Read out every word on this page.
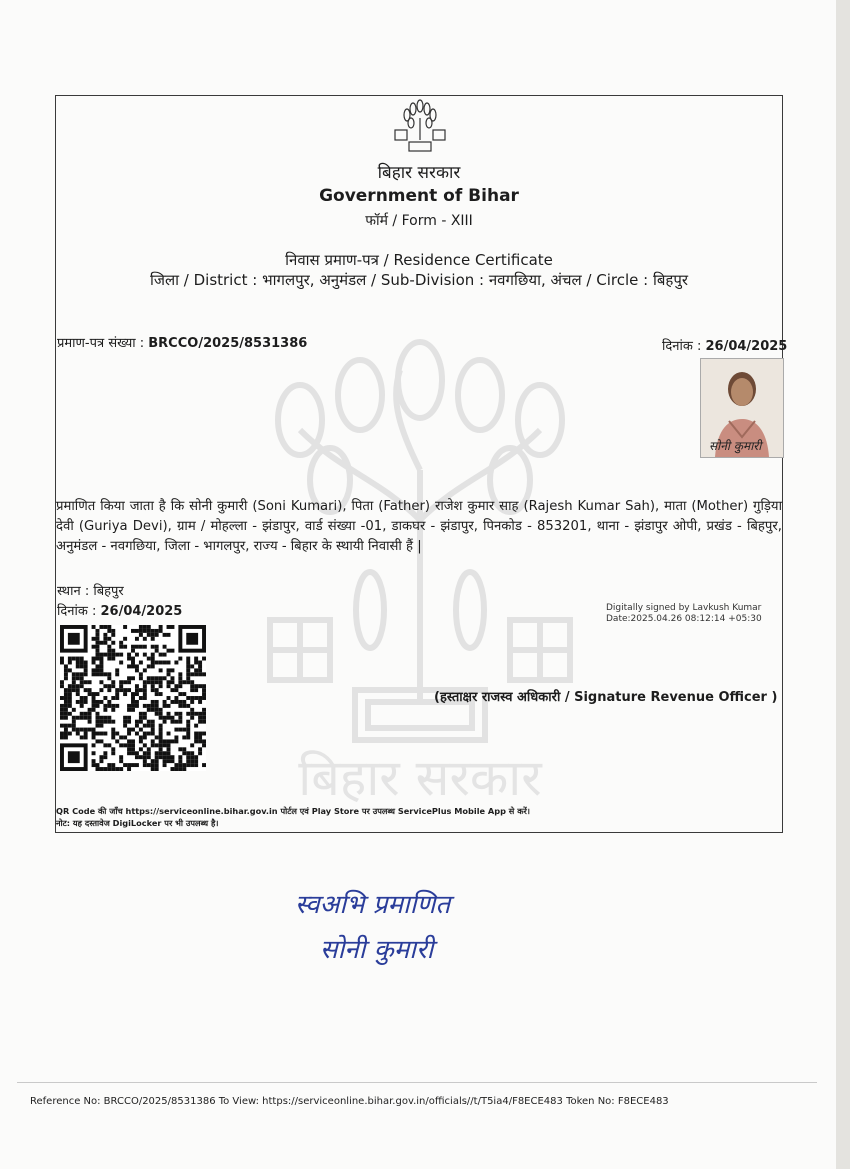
बिहार सरकार
बिहार सरकार
Government of Bihar
फॉर्म / Form - XIII
निवास प्रमाण-पत्र / Residence Certificate
जिला / District : भागलपुर, अनुमंडल / Sub-Division : नवगछिया, अंचल / Circle : बिहपुर
प्रमाण-पत्र संख्या : BRCCO/2025/8531386	दिनांक : 26/04/2025
सोनी कुमारी
प्रमाणित किया जाता है कि सोनी कुमारी (Soni Kumari), पिता (Father) राजेश कुमार साह (Rajesh Kumar Sah), माता (Mother) गुड़िया देवी (Guriya Devi), ग्राम / मोहल्ला - झंडापुर, वार्ड संख्या -01, डाकघर - झंडापुर, पिनकोड - 853201, थाना - झंडापुर ओपी, प्रखंड - बिहपुर, अनुमंडल - नवगछिया, जिला - भागलपुर, राज्य - बिहार के स्थायी निवासी हैं |
स्थान : बिहपुर
दिनांक : 26/04/2025	Digitally signed by Lavkush Kumar
Date:2025.04.26 08:12:14 +05:30
(हस्ताक्षर राजस्व अधिकारी / Signature Revenue Officer )
QR Code की जाँच https://serviceonline.bihar.gov.in पोर्टल एवं Play Store पर उपलब्ध ServicePlus Mobile App से करें।
नोट: यह दस्तावेज DigiLocker पर भी उपलब्ध है।
स्वअभि प्रमाणित
सोनी कुमारी
Reference No: BRCCO/2025/8531386 To View: https://serviceonline.bihar.gov.in/officials//t/T5ia4/F8ECE483 Token No: F8ECE483
